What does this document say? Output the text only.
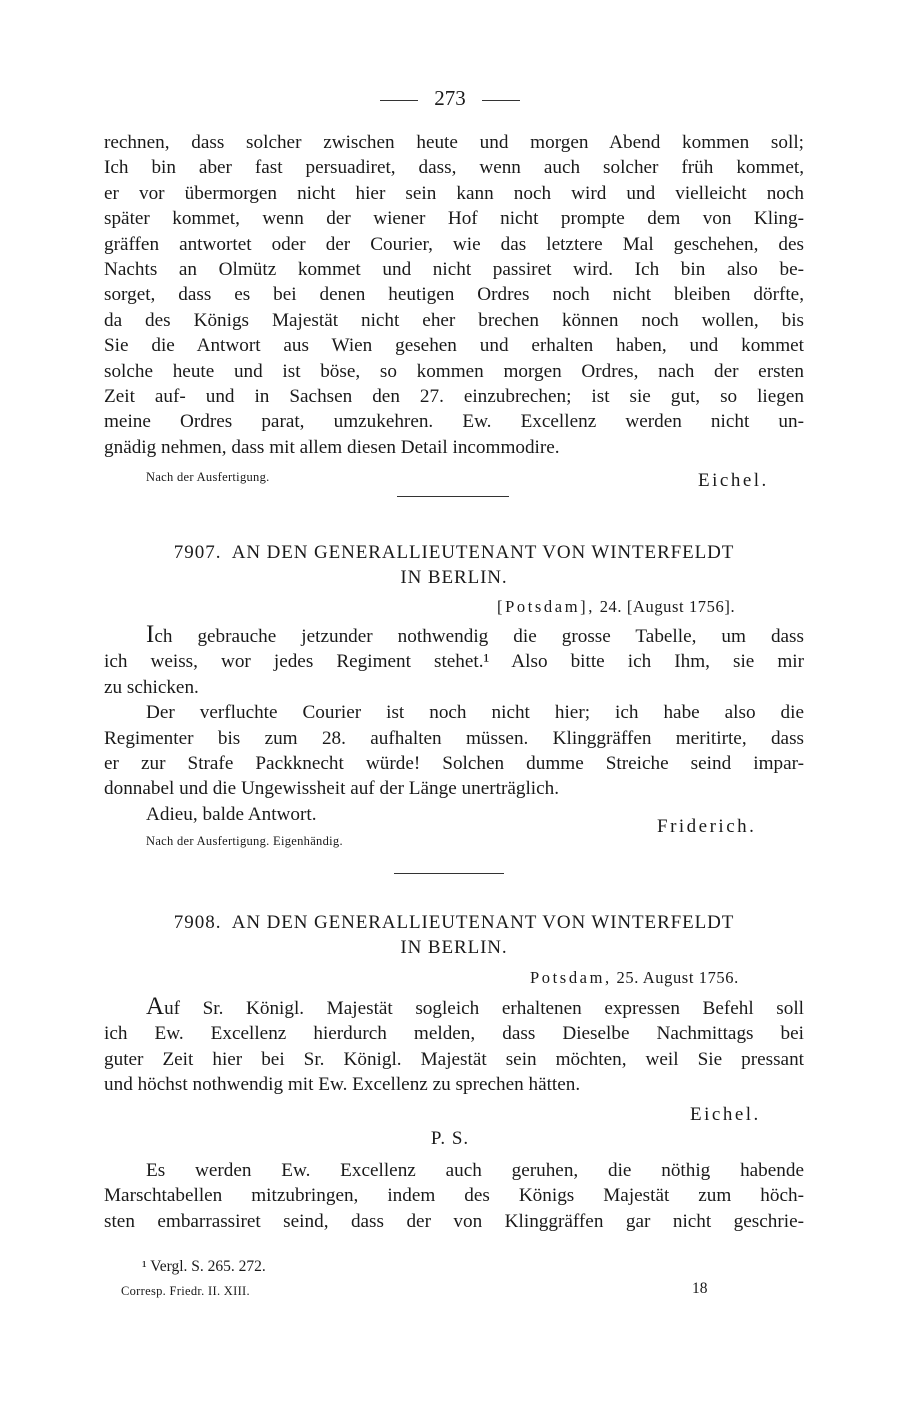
273

rechnen, dass solcher zwischen heute und morgen Abend kommen soll;

Ich bin aber fast persuadiret, dass, wenn auch solcher früh kommet,

er vor übermorgen nicht hier sein kann noch wird und vielleicht noch

später kommet, wenn der wiener Hof nicht prompte dem von Kling-

gräffen antwortet oder der Courier, wie das letztere Mal geschehen, des

Nachts an Olmütz kommet und nicht passiret wird. Ich bin also be-

sorget, dass es bei denen heutigen Ordres noch nicht bleiben dörfte,

da des Königs Majestät nicht eher brechen können noch wollen, bis

Sie die Antwort aus Wien gesehen und erhalten haben, und kommet

solche heute und ist böse, so kommen morgen Ordres, nach der ersten

Zeit auf- und in Sachsen den 27. einzubrechen; ist sie gut, so liegen

meine Ordres parat, umzukehren. Ew. Excellenz werden nicht un-

gnädig nehmen, dass mit allem diesen Detail incommodire.

Nach der Ausfertigung.	Eichel.
7907. AN DEN GENERALLIEUTENANT VON WINTERFELDT
IN BERLIN.
[Potsdam], 24. [August 1756].

Ich gebrauche jetzunder nothwendig die grosse Tabelle, um dass

ich weiss, wor jedes Regiment stehet.¹ Also bitte ich Ihm, sie mir

zu schicken.

Der verfluchte Courier ist noch nicht hier; ich habe also die

Regimenter bis zum 28. aufhalten müssen. Klinggräffen meritirte, dass

er zur Strafe Packknecht würde! Solchen dumme Streiche seind impar-

donnabel und die Ungewissheit auf der Länge unerträglich.

Adieu, balde Antwort.

Nach der Ausfertigung. Eigenhändig.
Friderich.
7908. AN DEN GENERALLIEUTENANT VON WINTERFELDT
IN BERLIN.
Potsdam, 25. August 1756.

Auf Sr. Königl. Majestät sogleich erhaltenen expressen Befehl soll

ich Ew. Excellenz hierdurch melden, dass Dieselbe Nachmittags bei

guter Zeit hier bei Sr. Königl. Majestät sein möchten, weil Sie pressant

und höchst nothwendig mit Ew. Excellenz zu sprechen hätten.

Eichel.
P. S.

Es werden Ew. Excellenz auch geruhen, die nöthig habende

Marschtabellen mitzubringen, indem des Königs Majestät zum höch-

sten embarrassiret seind, dass der von Klinggräffen gar nicht geschrie-

¹ Vergl. S. 265. 272.
Corresp. Friedr. II. XIII.	18
